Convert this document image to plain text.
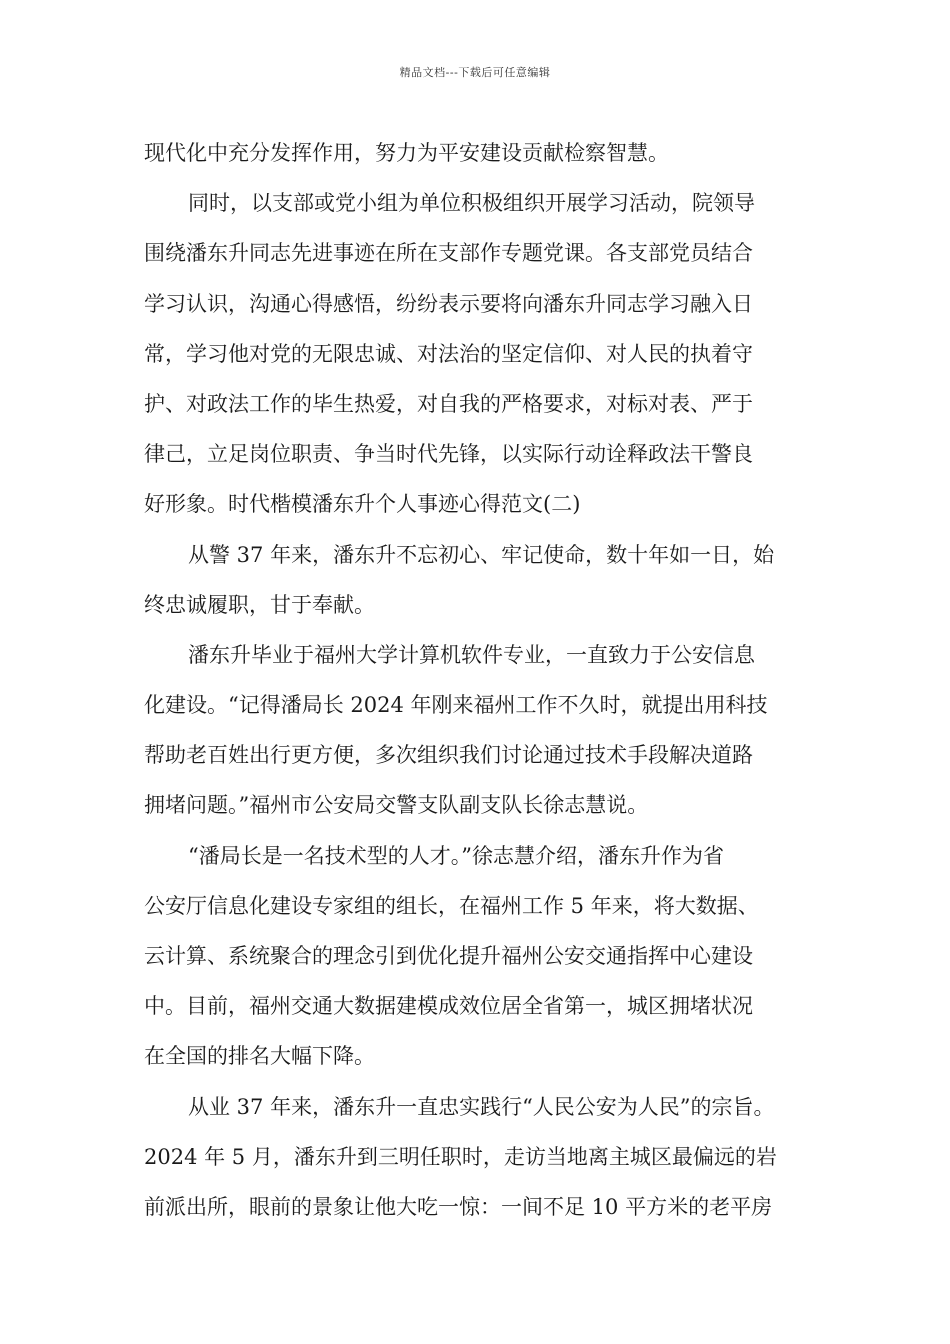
精品文档---下载后可任意编辑
现代化中充分发挥作用，努力为平安建设贡献检察智慧。
同时，以支部或党小组为单位积极组织开展学习活动，院领导
围绕潘东升同志先进事迹在所在支部作专题党课。各支部党员结合
学习认识，沟通心得感悟，纷纷表示要将向潘东升同志学习融入日
常，学习他对党的无限忠诚、对法治的坚定信仰、对人民的执着守
护、对政法工作的毕生热爱，对自我的严格要求，对标对表、严于
律己，立足岗位职责、争当时代先锋，以实际行动诠释政法干警良
好形象。时代楷模潘东升个人事迹心得范文(二)
从警 37 年来，潘东升不忘初心、牢记使命，数十年如一日，始
终忠诚履职，甘于奉献。
潘东升毕业于福州大学计算机软件专业，一直致力于公安信息
化建设。“记得潘局长 2024 年刚来福州工作不久时，就提出用科技
帮助老百姓出行更方便，多次组织我们讨论通过技术手段解决道路
拥堵问题。”福州市公安局交警支队副支队长徐志慧说。
“潘局长是一名技术型的人才。”徐志慧介绍，潘东升作为省
公安厅信息化建设专家组的组长，在福州工作 5 年来，将大数据、
云计算、系统聚合的理念引到优化提升福州公安交通指挥中心建设
中。目前，福州交通大数据建模成效位居全省第一，城区拥堵状况
在全国的排名大幅下降。
从业 37 年来，潘东升一直忠实践行“人民公安为人民”的宗旨。
2024 年 5 月，潘东升到三明任职时，走访当地离主城区最偏远的岩
前派出所，眼前的景象让他大吃一惊：一间不足 10 平方米的老平房
